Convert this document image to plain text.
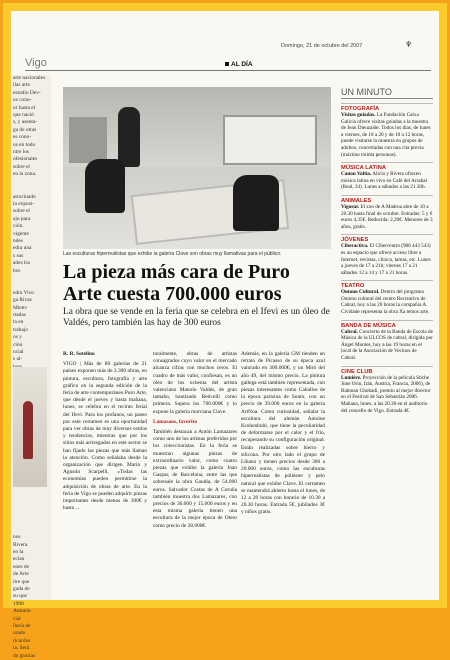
arte nacionales

llas arte

estudio Dev-

os cono-

or hasta el

que nació

s, y asenta-

ga de otras

es cono-

os en todo

ntre los

ofesionales

sobre el

en la zona.

atrocinado

la exposi-

sobre el

ajo para

ción.

vigente

ndes

edra una

s sus

ades los

bre.

edra Vivo

ga Rivas

Miem-

rtadas

ta en

trabajo

os y

ción

ncial

s al-

nos

Rivera

en la

ecían

enes de

de Arte

itre que

gada de

su que

1998

Antonio

cial

ilería de

urado

ricardos

ía. Será

do gracias

Domingo, 21 de octubre del 2007	♆
Vigo	AL DÍA
Las esculturas hiperrealistas que exhibe la galería Clave son obras muy llamativas para el público.
La pieza más cara de Puro Arte cuesta 700.000 euros
La obra que se vende en la feria que se celebra en el Ifevi es un óleo de Valdés, pero también las hay de 300 euros

R. R. Sotelino

VIGO | Más de 80 galerías de 21 países exponen más de 2.300 obras, en pintura, escultura, fotografía y arte gráfico en la segunda edición de la feria de arte contemporáneo Puro Arte, que desde el jueves y hasta mañana, lunes, se celebra en el recinto ferial del Ifevi. Para los profanos, un paseo por este certamen es una oportunidad para ver obras de muy diversos estilos y tendencias, mientras que por los sitios más arriesgados en este sector se han fijado las piezas que más llaman la atención. Como señalaba desde la organización que dirigen María y Agustín Scarpelli, «Todas las economías pueden permitirse la adquisición de obras de arte. En la feria de Vigo se pueden adquirir piezas importantes desde menos de 300€ y hasta ...

turalmente, obras de artistas consagrados cuyo valor en el mercado alcanza cifras con muchos ceros. El cuadro de más valor, confiesan, es un óleo de los ochenta del artista valenciano Manolo Valdés, de gran tamaño, bautizado Beticelli como primera. Supera los 700.000€ y lo expone la galería murciana Clave.

Lamasaos, favorito

También destacan a Antón Lamazares como uno de los artistas preferidos por los coleccionistas. En la feria se muestran algunas piezas de extraordinario valor, como cuatro piezas que exhibe la galería Joan Gaspar, de Barcelona, entre las que sobresale la obra Gaudia, de 54.000 euros. Salvador Costas de A Coruña también muestra dos Lamazares, con precios de 36.000 y 15.000 euros y en esta misma galería tienen una escultura de la mejor época de Otero como precio de 28.000€.

Además, en la galería GM tienden un retrato de Picasso de su época azul valorado en 300.000€, y un Miró del año 49, del mismo precio. La pintura gallega está también representada, con piezas interesantes como Caballos de la época parisina de Souto, con un precio de 39.000 euros en la galería ArtNoa. Como curiosidad, señalar la escultura del alemán Antoine Krohenbuhl, que tiene la peculiaridad de deformarse por el calor y el frío, recuperando su configuración original. Están realizadas sobre hierro y silicona. Por otro lado el grupo de Líbano y tienen precios desde 300 a 20.000 euros, como las esculturas hiperrealistas de poliéster y pelo natural que exhibe Clave. El certamen se mantendrá abierto hasta el lunes, de 12 a 20 horas con horario de 10.30 a 20.30 horas. Entrada 5€, jubilados 3€ y niños gratis.

UN MINUTO
FOTOGRAFÍA
Visitas guiadas. La Fundación Caixa Galicia ofrece visitas guiadas a la muestra de Jean Dieuzaide. Todos los días, de lunes a viernes, de 18 a 20 y de 10 a 12 horas, puede visitarse la muestra en grupos de adultos, concertadas con una cita previa (máximo treinta personas).
MÚSICA LATINA
Canon Voltia. Alicia y Rivera ofrecen música latina en vivo en Café del Arrabal (Real, 24). Lunes a sábados a las 21.30h.
ANIMALES
Vigosur. El zoo de A Madroa abre de 10 a 20.30 hasta final de octubre. Entradas: 5 y 6 euros 4,35€. Reducida: 2,20€. Menores de 3 años, gratis.
JÓVENES
Ciberactiva. El Ciberceutro (986 443 543) es un espacio que ofrece acceso libre a Internet, revistas, clínica, tareas, etc. Lunes a jueves de 17 a 21h; viernes 17 a 21 sábados 12 a 14 y 17 a 21 horas.
TEATRO
Outono Cultural. Dentro del programa Outono cultural del centro Recreativo de Cabral, hoy a las 20 horas la compañía A. Cividade representa la obra Xa temos arte.
BANDA DE MÚSICA
Cabral. Concierto de la Banda de Escola de Música de la ULCOS de cabral, dirigida por Ángel Montes, hoy a las 19 horas en el local de la Asociación de Vecinos de Cabral.
CINE CLUB
Lumière. Proyección de la película Stiche June Orin, Irán, Austria, Francia, 2006), de Bahman Ghobadi, premio al mejor director en el Festival de San Sebastián 2006. Mañana, lunes, a las 20.30 en el auditorio del concello de Vigo. Entrada 4€.
